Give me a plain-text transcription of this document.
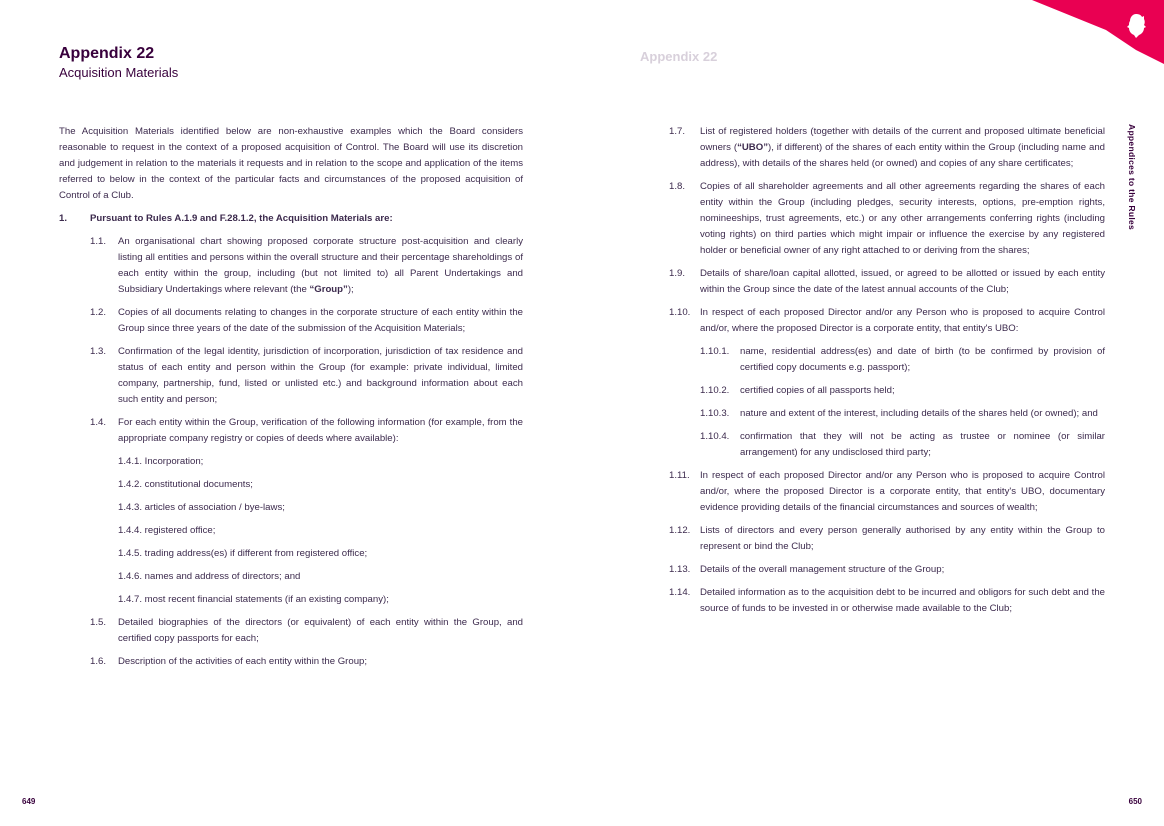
Appendix 22
Acquisition Materials

The Acquisition Materials identified below are non-exhaustive examples which the Board considers reasonable to request in the context of a proposed acquisition of Control. The Board will use its discretion and judgement in relation to the materials it requests and in relation to the scope and application of the items referred to below in the context of the particular facts and circumstances of the proposed acquisition of Control of a Club.

1. Pursuant to Rules A.1.9 and F.28.1.2, the Acquisition Materials are:
1.1. An organisational chart showing proposed corporate structure post-acquisition and clearly listing all entities and persons within the overall structure and their percentage shareholdings of each entity within the group, including (but not limited to) all Parent Undertakings and Subsidiary Undertakings where relevant (the “Group”);
1.2. Copies of all documents relating to changes in the corporate structure of each entity within the Group since three years of the date of the submission of the Acquisition Materials;
1.3. Confirmation of the legal identity, jurisdiction of incorporation, jurisdiction of tax residence and status of each entity and person within the Group (for example: private individual, limited company, partnership, fund, listed or unlisted etc.) and background information about each such entity and person;
1.4. For each entity within the Group, verification of the following information (for example, from the appropriate company registry or copies of deeds where available):
1.4.1. Incorporation;
1.4.2. constitutional documents;
1.4.3. articles of association / bye-laws;
1.4.4. registered office;
1.4.5. trading address(es) if different from registered office;
1.4.6. names and address of directors; and
1.4.7. most recent financial statements (if an existing company);
1.5. Detailed biographies of the directors (or equivalent) of each entity within the Group, and certified copy passports for each;
1.6. Description of the activities of each entity within the Group;
649
Appendix 22
1.7. List of registered holders (together with details of the current and proposed ultimate beneficial owners (“UBO”), if different) of the shares of each entity within the Group (including name and address), with details of the shares held (or owned) and copies of any share certificates;
1.8. Copies of all shareholder agreements and all other agreements regarding the shares of each entity within the Group (including pledges, security interests, options, pre-emption rights, nomineeships, trust agreements, etc.) or any other arrangements conferring rights (including voting rights) on third parties which might impair or influence the exercise by any registered holder or beneficial owner of any right attached to or deriving from the shares;
1.9. Details of share/loan capital allotted, issued, or agreed to be allotted or issued by each entity within the Group since the date of the latest annual accounts of the Club;
1.10. In respect of each proposed Director and/or any Person who is proposed to acquire Control and/or, where the proposed Director is a corporate entity, that entity's UBO:
1.10.1. name, residential address(es) and date of birth (to be confirmed by provision of certified copy documents e.g. passport);
1.10.2. certified copies of all passports held;
1.10.3. nature and extent of the interest, including details of the shares held (or owned); and
1.10.4. confirmation that they will not be acting as trustee or nominee (or similar arrangement) for any undisclosed third party;
1.11. In respect of each proposed Director and/or any Person who is proposed to acquire Control and/or, where the proposed Director is a corporate entity, that entity's UBO, documentary evidence providing details of the financial circumstances and sources of wealth;
1.12. Lists of directors and every person generally authorised by any entity within the Group to represent or bind the Club;
1.13. Details of the overall management structure of the Group;
1.14. Detailed information as to the acquisition debt to be incurred and obligors for such debt and the source of funds to be invested in or otherwise made available to the Club;
Appendices to the Rules
650
